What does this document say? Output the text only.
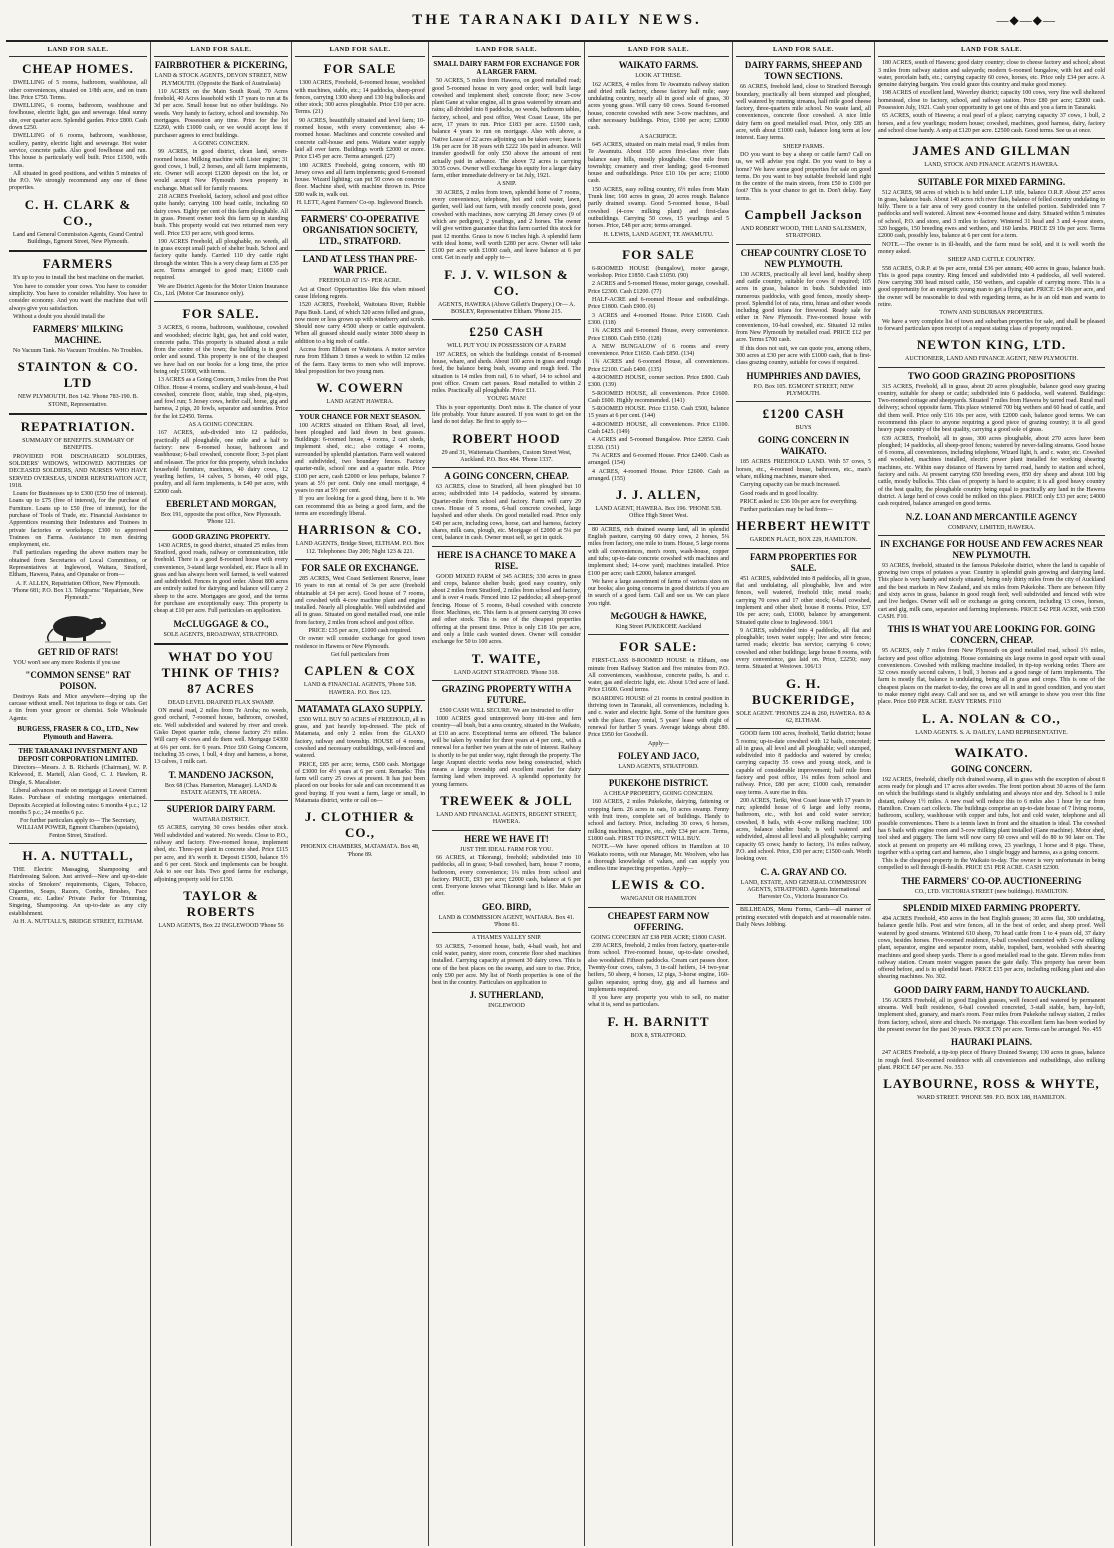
THE TARANAKI DAILY NEWS.	— ◆ — ◆ —
LAND FOR SALE.
CHEAP HOMES.

DWELLING of 5 rooms, bathroom, washhouse, all other conveniences, situated on 1/8th acre, and on tram line. Price £750. Terms.

DWELLING, 6 rooms, bathroom, washhouse and fowlhouse, electric light, gas and sewerage. Ideal sunny site, over quarter acre. Splendid garden. Price £800. Cash down £250.

DWELLING of 6 rooms, bathroom, washhouse, scullery, pantry, electric light and sewerage. Hot water service, concrete paths. Also good fowlhouse and run. This house is particularly well built. Price £1500, with terms.

All situated in good positions, and within 5 minutes of the P.O. We strongly recommend any one of these properties.

C. H. CLARK & CO.,
Land and General Commission Agents, Grand Central Buildings, Egmont Street, New Plymouth.
FARMERS

It's up to you to install the best machine on the market.

You have to consider your cows. You have to consider simplicity. You have to consider reliability. You have to consider economy. And you want the machine that will always give you satisfaction.

Without a doubt you should install the

FARMERS' MILKING MACHINE.

No Vacuum Tank. No Vacuum Troubles. No Troubles.

STAINTON & CO. LTD
NEW PLYMOUTH. Box 142. 'Phone 783-190. B. STONE, Representative.
REPATRIATION.
SUMMARY OF BENEFITS. SUMMARY OF BENEFITS.

PROVIDED FOR DISCHARGED SOLDIERS, SOLDIERS' WIDOWS, WIDOWED MOTHERS OF DECEASED SOLDIERS, AND NURSES WHO HAVE SERVED OVERSEAS, UNDER REPATRIATION ACT, 1918.

Loans for Businesses up to £300 (£50 free of interest). Loans up to £75 (free of interest), for the purchase of Furniture. Loans up to £50 (free of interest), for the purchase of Tools of Trade, etc. Financial Assistance to Apprentices resuming their Indentures and Trainees in private factories or workshops; £300 to approved Trainees on Farms. Assistance to men desiring employment, etc.

Full particulars regarding the above matters may be obtained from Secretaries of Local Committees, or Representatives at Inglewood, Waitara, Stratford, Eltham, Hawera, Patea, and Opunake or from—

A. F. ALLEN, Repatriation Officer, New Plymouth. 'Phone 681; P.O. Box 13. Telegrams: "Repatriate, New Plymouth."
GET RID OF RATS!

YOU won't see any more Rodents if you use

"COMMON SENSE" RAT POISON.

Destroys Rats and Mice anywhere—drying up the carcase without smell. Not injurious to dogs or cats. Get a tin from your grocer or chemist. Sole Wholesale Agents:

BURGESS, FRASER & CO., LTD., New Plymouth and Hawera.
THE TARANAKI INVESTMENT AND DEPOSIT CORPORATION LIMITED.

Directors—Messrs. J. B. Richards (Chairman), W. P. Kirkwood, E. Martell, Alan Good, C. J. Hawken, R. Dingle, S. Macalister.

Liberal advances made on mortgage at Lowest Current Rates. Purchase of existing mortgages entertained. Deposits Accepted at following rates: 6 months 4 p.c.; 12 months 5 p.c.; 24 months 6 p.c.

For further particulars apply to— The Secretary, WILLIAM POWER, Egmont Chambers (upstairs), Fenton Street, Stratford.
H. A. NUTTALL,

THE Electric Massaging, Shampooing and Hairdressing Saloon. Just arrived—New and up-to-date stocks of Smokers' requirements, Cigars, Tobacco, Cigarettes, Soaps, Razors, Combs, Brushes, Face Creams, etc. Ladies' Private Parlor for Trimming, Singeing, Shampooing. An up-to-date as any city establishment.

At H. A. NUTTALL'S, BRIDGE STREET, ELTHAM.
LAND FOR SALE.
FAIRBROTHER & PICKERING,
LAND & STOCK AGENTS, DEVON STREET, NEW PLYMOUTH. (Opposite the Bank of Australasia)

110 ACRES on the Main South Road, 70 Acres freehold, 40 Acres leasehold with 17 years to run at 8s 3d per acre. Small house but no other buildings. No weeds. Very handy to factory, school and township. No mortgages. Possession any time. Price for the lot £2260, with £1000 cash, or we would accept less if purchaser agrees to erect buildings.

A GOING CONCERN.

99 ACRES, in good district, clean land, seven-roomed house. Milking machine with Lister engine; 31 good cows, 1 bull, 2 horses, and all farm implements, etc. Owner will accept £1200 deposit on the lot, or would accept New Plymouth town property in exchange. Must sell for family reasons.

218 ACRES Freehold, factory, school and post office quite handy; carrying 100 head cattle, including 60 dairy cows. Eighty per cent of this farm ploughable. All in grass. Present owner took this farm up in standing bush. This property would cut two returned men very well. Price £33 per acre, with good terms.

190 ACRES Freehold, all ploughable, no weeds, all in grass except small patch of shelter bush. School and factory quite handy. Carried 110 dry cattle right through the winter. This is a very cheap farm at £35 per acre. Terms arranged to good man; £1000 cash required.

We are District Agents for the Motor Union Insurance Co., Ltd. (Motor Car Insurance only).

FOR SALE.

3 ACRES, 6 rooms, bathroom, washhouse, cowshed and woodshed; electric light, gas, hot and cold water, concrete paths. This property is situated about a mile from the centre of the town; the building is in good order and sound. This property is one of the cheapest we have had on our books for a long time, the price being only £1900, with terms.

13 ACRES as a Going Concern, 3 miles from the Post Office. House 4 rooms, scullery and wash-house, 4 bail cowshed, concrete floor, stable, trap shed, pig-styes, and fowl run; 5 Jersey cows, heifer calf, horse, gig and harness, 2 pigs, 20 fowls, separator and sundries. Price for the lot £2450. Terms.

AS A GOING CONCERN.

167 ACRES, sub-divided into 12 paddocks, practically all ploughable, one mile and a half to factory: new 8-roomed house, bathroom and washhouse; 6-bail cowshed, concrete floor; 3-pot plant and releaser. The price for this property, which includes household furniture, machines, 40 dairy cows, 12 yearling heifers, 14 calves, 5 horses, 40 odd pigs, poultry, and all farm implements, is £40 per acre, with £2000 cash.

EBERLET AND MORGAN,
Box 191, opposite the post office, New Plymouth. 'Phone 121.
GOOD GRAZING PROPERTY.

1430 ACRES, in good district, situated 25 miles from Stratford, good roads, railway or communication, title freehold. There is a good 8-roomed house with every convenience, 3-stand large woolshed, etc. Place is all in grass and has always been well farmed, is well watered and subdivided. Fences in good order. About 800 acres are entirely suited for dairying and balance will carry 2 sheep to the acre. Mortgages are good, and the terms for purchase are exceptionally easy. This property is cheap at £10 per acre. Full particulars on application.

McCLUGGAGE & CO.,
SOLE AGENTS, BROADWAY, STRATFORD.
WHAT DO YOU THINK OF THIS? 87 ACRES
DEAD LEVEL DRAINED FLAX SWAMP.

ON metal road, 2 miles from Te Aroha; no weeds, good orchard, 7-roomed house, bathroom, cowshed, etc. Well subdivided and watered by river and creek. Gisko Depot quarter mile, cheese factory 2½ miles. Will carry 40 cows and do them well. Mortgage £4300 at 6¼ per cent. for 6 years. Price £60 Going Concern, including 35 cows, 1 bull, 4 dray and harness, a horse, 13 calves, 1 milk cart.

T. MANDENO JACKSON,
Box 68 (Chas. Hamerton, Manager). LAND & ESTATE AGENTS, TE AROHA.
SUPERIOR DAIRY FARM.
WAITARA DISTRICT.

65 ACRES, carrying 30 cows besides other stock. Well subdivided and watered. No weeds. Close to P.O., railway and factory. Five-roomed house, implement shed, etc. Three-pot plant in concrete shed. Price £115 per acre, and it's worth it. Deposit £1500, balance 5½ and 6 per cent. Stock and implements can be bought. Ask to see our lists. Two good farms for exchange, adjoining property sold for £150.

TAYLOR & ROBERTS
LAND AGENTS, Box 22 INGLEWOOD 'Phone 56
LAND FOR SALE.
FOR SALE

1300 ACRES, Freehold, 6-roomed house, woolshed with machines, stable, etc.; 14 paddocks, sheep-proof fences, carrying 1300 sheep and 130 big bullocks and other stock; 300 acres ploughable. Price £10 per acre. Terms. (21)

90 ACRES, beautifully situated and level farm; 10-roomed house, with every convenience; also 4-roomed house. Machines and concrete cowshed and concrete calf-house and pens. Waitara water supply laid all over farm. Buildings worth £2000 or more. Price £145 per acre. Terms arranged. (27)

180 ACRES Freehold, going concern, with 80 Jersey cows and all farm implements; good 6-roomed house. Wizard lighting; can put 50 cows on concrete floor. Machine shed, with machine thrown in. Price £80 walk in, walk out.

H. LETT, Agent Farmers' Co-op. Inglewood Branch.
FARMERS' CO-OPERATIVE ORGANISATION SOCIETY, LTD., STRATFORD.
LAND AT LESS THAN PRE-WAR PRICE.
FREEHOLD AT 15/- PER ACRE.

Act at Once! Opportunities like this when missed cause lifelong regrets.

1520 ACRES, Freehold, Waitotara River, Rubble Papa Bush. Land, of which 320 acres felled and grass, now more or less grown up with wineberry and scrub. Should now carry 4/500 sheep or cattle equivalent. When all grassed should easily winter 3000 sheep in addition to a big mob of cattle.

Access from Eltham or Waitotara. A motor service runs from Eltham 3 times a week to within 12 miles of the farm. Easy terms to men who will improve. Ideal proposition for two young men.

W. COWERN
LAND AGENT HAWERA.
YOUR CHANCE FOR NEXT SEASON.

100 ACRES situated on Eltham Road, all level, been ploughed and laid down in best grasses. Buildings: 6-roomed house, 4 rooms, 2 cart sheds, implement shed, etc.; also cottage 4 rooms, surrounded by splendid plantation. Farm well watered and subdivided, two boundary fences. Factory quarter-mile, school one and a quarter mile. Price £100 per acre, cash £2000 or less perhaps, balance 7 years at 5½ per cent. Only one small mortgage, 4 years to run at 5½ per cent.

If you are looking for a good thing, here it is. We can recommend this as being a good farm, and the terms are exceedingly liberal.

HARRISON & CO.
LAND AGENTS, Bridge Street, ELTHAM. P.O. Box 112. Telephones: Day 200; Night 123 & 221.
FOR SALE OR EXCHANGE.

285 ACRES, West Coast Settlement Reserve, lease 16 years to run at rental of 3s per acre (freehold obtainable at £4 per acre). Good house of 7 rooms, and cowshed with 4-cow machine plant and engine installed. Nearly all ploughable. Well subdivided and all in grass. Situated on good metalled road, one mile from factory, 2 miles from school and post office.

PRICE: £35 per acre, £1000 cash required.

Or owner will consider exchange for good town residence in Hawera or New Plymouth.

Get full particulars from
CAPLEN & COX
LAND & FINANCIAL AGENTS, 'Phone 518. HAWERA. P.O. Box 123.
MATAMATA GLAXO SUPPLY.

£500 WILL BUY 50 ACRES of FREEHOLD, all in grass, and just heavily top-dressed. The pick of Matamata, and only 2 miles from the GLAXO factory, railway and township. HOUSE of 4 rooms, cowshed and necessary outbuildings, well-fenced and watered.

PRICE, £85 per acre; terms, £500 cash. Mortgage of £3000 for 4½ years at 6 per cent. Remarks: This farm will carry 25 cows at present. It has just been placed on our books for sale and can recommend it as good buying. If you want a farm, large or small, in Matamata district, write or call on—

J. CLOTHIER & CO.,
PHOENIX CHAMBERS, MATAMATA. Box 48, 'Phone 89.
LAND FOR SALE.
SMALL DAIRY FARM FOR EXCHANGE FOR A LARGER FARM.

50 ACRES, 5 miles from Hawera, on good metalled road; good 5-roomed house in very good order; well built large cowshed and implement shed; concrete floor; new 3-cow plant Gane at value engine, all in grass watered by stream and rains; all divided into 8 paddocks, no weeds, bathroom tables, factory, school, and post office, West Coast Lease, 18s per acre, 17 years to run. Price £183 per acre. £1500 cash, balance 4 years to run on mortgage. Also with above, a Native Lease of 22 acres adjoining can be taken over; lease is 19s per acre for 18 years with £222 10s paid in advance. Will transfer goodwill for only £50 above the amount of rent actually paid in advance. The above 72 acres is carrying 30/35 cows. Owner will exchange his equity for a larger dairy farm, either immediate delivery or 1st July, 1921.

A SNIP.

30 ACRES, 2 miles from town, splendid home of 7 rooms, every convenience, telephone, hot and cold water, lawn, garden, well laid out farm, with mostly concrete posts, good cowshed with machines, now carrying 28 Jersey cows (9 of which are pedigree), 2 yearlings, and 2 horses. The owner will give written guarantee that this farm carried this stock for past 12 months. Grass is now 6 inches high. A splendid farm with ideal home, well worth £280 per acre. Owner will take £100 per acre with £1000 cash, and leave balance at 6 per cent. Get in early and apply to—

F. J. V. WILSON & CO.
AGENTS, HAWERA (Above Gillett's Drapery.) Or— A. BOSLEY, Representative Eltham. 'Phone 215.
£250 CASH
WILL PUT YOU IN POSSESSION OF A FARM

197 ACRES, on which the buildings consist of 8-roomed house, whare, and sheds. About 100 acres in grass and rough feed, the balance being bush, swamp and rough feed. The situation is 14 miles from rail, 6 to wharf, 14 to school and post office. Cream cart passes. Road metalled to within 2 miles. Practically all ploughable. Price £11.

YOUNG MAN!

This is your opportunity. Don't miss it. The chance of your life probably. Your future assured. If you want to get on the land do not delay. Be first to apply to—

ROBERT HOOD
29 and 31, Waitemata Chambers, Custom Street West, Auckland. P.O. Box 484. 'Phone 1337.
A GOING CONCERN, CHEAP.

63 ACRES, close to Stratford, all been ploughed but 10 acres; subdivided into 14 paddocks, watered by streams. Quarter-mile from school and factory. Farm will carry 29 cows. House of 5 rooms, 6-bail concrete cowshed, large hayshed and other sheds. On good metalled road. Price only £40 per acre, including cows, horse, cart and harness, factory shares, milk cans, plough, etc. Mortgage of £2000 at 5¼ per cent, balance in cash. Owner must sell, so get in quick.

HERE IS A CHANCE TO MAKE A RISE.

GOOD MIXED FARM of 345 ACRES; 330 acres in grass and crops, balance shelter bush; good easy country, only about 2 miles from Stratford, 2 miles from school and factory, and is over 4 roads. Fenced into 12 paddocks; all sheep-proof fencing. House of 5 rooms, 8-bail cowshed with concrete floor. Machines, etc. This farm is at present carrying 30 cows and other stock. This is one of the cheapest properties offering at the present time. Price is only £18 10s per acre, and only a little cash wanted down. Owner will consider exchange for 50 to 100 acres.

T. WAITE,
LAND AGENT STRATFORD. 'Phone 318.
GRAZING PROPERTY WITH A FUTURE.
£500 CASH WILL SECURE. We are instructed to offer

1000 ACRES good unimproved bony titi-tree and fern country—all bush, but a area country, situated in the Waikato, at £10 an acre. Exceptional terms are offered. The balance will be taken by vendor for three years at 4 per cent., with a renewal for a further two years at the rate of interest. Railway is shortly to be put under way, right through the property. The large Arapuni electric works now being constructed, which means a large township and excellent market for dairy farming land when improved. A splendid opportunity for young farmers.

TREWEEK & JOLL
LAND AND FINANCIAL AGENTS, REGENT STREET, HAWERA.
HERE WE HAVE IT!
JUST THE IDEAL FARM FOR YOU.

66 ACRES, at Tikorangi, freehold; subdivided into 10 paddocks, all in grass; 9-bail cowshed, barn, house 7 rooms, bathroom, every convenience; 1¼ miles from school and factory. PRICE, £93 per acre; £2000 cash, balance at 6 per cent. Everyone knows what Tikorangi land is like. Make an offer.

GEO. BIRD,
LAND & COMMISSION AGENT, WAITARA. Box 41. 'Phone 81.
A THAMES VALLEY SNIP.

93 ACRES, 7-roomed house, bath, 4-bail wash, hot and cold water, pantry, store room, concrete floor shed machines installed. Carrying capacity at present 30 dairy cows. This is one of the best places on the swamp, and sure to rise. Price, only £90 per acre. My list of North properties is one of the best in the country. Particulars on application to

J. SUTHERLAND,
INGLEWOOD
LAND FOR SALE.
WAIKATO FARMS.
LOOK AT THESE.

162 ACRES, 4 miles from Te Awamutu railway station and dried milk factory, cheese factory half mile; easy undulating country, nearly all in good sole of grass, 30 acres young grass. Will carry 60 cows. Sound 6-roomed house, concrete cowshed with new 3-cow machines, and other necessary buildings. Price, £100 per acre; £2000 cash.

A SACRIFICE.

645 ACRES, situated on main metal road, 9 miles from Te Awamutu. About 150 acres first-class river flats balance easy hills, mostly ploughable. One mile from township; creamery and river landing; good 6-roomed house and outbuildings. Price £10 10s per acre; £1000 cash.

150 ACRES, easy rolling country, 6½ miles from Main Trunk line; 160 acres in grass, 20 acres rough. Balance partly drained swamp. Good 5-roomed house, 8-bail cowshed (4-cow milking plant) and first-class outbuildings. Carrying 50 cows, 15 yearlings and 5 horses. Price, £48 per acre; terms arranged.

H. LEWIS, LAND AGENT, TE AWAMUTU.
FOR SALE

6-ROOMED HOUSE (bungalow), motor garage, workshop. Price £1850. Cash £1050. (90)

2 ACRES and 5-roomed House, motor garage, cowshall. Price £2300. Cash £1200. (77)

HALF-ACRE and 6-roomed House and outbuildings. Price £1800. Cash £900. (6)

3 ACRES and 4-roomed House. Price £1600. Cash £300. (118)

1¾ ACRES and 6-roomed House, every convenience. Price £1800. Cash £950. (128)

A NEW BUNGALOW of 6 rooms and every convenience. Price £1650. Cash £850. (134)

1¾ ACRES and 6-roomed House, all conveniences. Price £2100. Cash £400. (135)

4-ROOMED HOUSE, corner section. Price £800. Cash £300. (139)

5-ROOMED HOUSE, all conveniences. Price £1600. Cash £600. Highly recommended. (141)

5-ROOMED HOUSE. Price £1150. Cash £500, balance 15 years at 6 per cent. (144)

4-ROOMED HOUSE, all conveniences. Price £1100. Cash £425. (149)

4 ACRES and 5-roomed Bungalow. Price £2850. Cash £1350. (151)

7¼ ACRES and 6-roomed House. Price £2400. Cash as arranged. (154)

4 ACRES, 4-roomed House. Price £2600. Cash as arranged. (155)

J. J. ALLEN,
LAND AGENT, HAWERA. Box 196. 'PHONE 538. Office High Street West.

80 ACRES, rich drained swamp land, all in splendid English pasture, carrying 60 dairy cows, 2 horses, 5¼ miles from factory, one mile to tram. House, 5 large rooms with all conveniences, men's room, wash-house, copper and tubs; up-to-date concrete cowshed with machines and implement shed; 14-cow yard; machines installed. Price £100 per acre; cash £2000, balance arranged.

We have a large assortment of farms of various sizes on our books; also going concerns in good districts if you are in search of a good farm. Call and see us. We can place you right.

McGOUGH & HAWKE,
King Street PUKEKOHE Auckland
FOR SALE:

FIRST-CLASS 8-ROOMED HOUSE in Eltham, one minute from Railway Station and five minutes from P.O. All conveniences, washhouse, concrete paths, h. and c. water, gas and electric light, etc. About 1/3rd acre of land. Price £1600. Good terms.

BOARDING HOUSE of 21 rooms in central position in thriving town in Taranaki, all conveniences, including h. and c. water and electric light. Some of the furniture goes with the place. Easy rental, 5 years' lease with right of renewal for further 5 years. Average takings about £80. Price £950 for Goodwill.

Apply—
FOLEY AND JACO,
LAND AGENTS, STRATFORD.
PUKEKOHE DISTRICT.
A CHEAP PROPERTY, GOING CONCERN.

160 ACRES, 2 miles Pukekohe, dairying, fattening or cropping farm. 26 acres in oats, 10 acres swamp. Fenny with fruit trees, complete set of buildings. Handy to school and factory. Price, including 30 cows, 6 horses, milking machines, engine, etc., only £34 per acre. Terms, £1800 cash. FIRST TO INSPECT WILL BUY.

NOTE.—We have opened offices in Hamilton at 10 Waikato rooms, with our Manager, Mr. Woolven, who has a thorough knowledge of values, and can supply you endless time inspecting properties. Apply—

LEWIS & CO.
WANGANUI OR HAMILTON
CHEAPEST FARM NOW OFFERING.
GOING CONCERN AT £38 PER ACRE; £1800 CASH.

239 ACRES, freehold, 2 miles from factory, quarter-mile from school. Five-roomed house, up-to-date cowshed, also woodshed. Fifteen paddocks. Cream cart passes door. Twenty-four cows, calves, 3 in-calf heifers, 14 two-year heifers, 50 sheep, 4 horses, 12 pigs, 3-horse engine, 160-gallon separator, spring dray, gig and all harness and implements required.

If you have any property you wish to sell, no matter what it is, send us particulars.

F. H. BARNITT
BOX 8, STRATFORD.
LAND FOR SALE.
DAIRY FARMS, SHEEP AND TOWN SECTIONS.

66 ACRES, freehold land, close to Stratford Borough boundary, practically all been stumped and ploughed, well watered by running streams, half mile good cheese factory, three-quarters mile school. No waste land, all conveniences, concrete floor cowshed. A nice little dairy farm on good metalled road. Price, only £85 an acre, with about £1000 cash, balance long term at low interest. Easy terms.

SHEEP FARMS.

DO you want to buy a sheep or cattle farm? Call on us, we will advise you right. Do you want to buy a home? We have some good properties for sale on good terms. Do you want to buy suitable freehold land right in the centre of the main streets, from £50 to £100 per foot? This is your chance to get in. Don't delay. Easy terms.

Campbell Jackson
AND ROBERT WOOD, THE LAND SALESMEN, STRATFORD.
CHEAP COUNTRY CLOSE TO NEW PLYMOUTH.

130 ACRES, practically all level land, healthy sheep and cattle country, suitable for cows if required; 105 acres in grass, balance in bush. Subdivided into numerous paddocks, with good fences, mostly sheep-proof. Splendid lot of rata, rimu, hinau and other woods including good totara for firewood. Ready sale for either in New Plymouth. Five-roomed house with conveniences, 10-bail cowshed, etc. Situated 12 miles from New Plymouth by metalled road. PRICE £12 per acre. Terms £700 cash.

If this does not suit, we can quote you, among others, 300 acres at £30 per acre with £1000 cash, that is first-class grazing country, suitable for cows if required.

HUMPHRIES AND DAVIES,
P.O. Box 105. EGMONT STREET, NEW PLYMOUTH.
£1200 CASH
BUYS
GOING CONCERN IN WAIKATO.

185 ACRES FREEHOLD LAND. With 57 cows, 5 horses, etc., 4-roomed house, bathroom, etc., man's whare, milking machines, manure shed.

Carrying capacity can be much increased.

Good roads and in good locality.

PRICE asked is: £36 10s per acre for everything.

Further particulars may be had from—

HERBERT HEWITT
GARDEN PLACE, BOX 229, HAMILTON.
FARM PROPERTIES FOR SALE.

451 ACRES, subdivided into 8 paddocks, all in grass, flat and undulating, all ploughable, live and wire fences, well watered, freehold title; metal roads; carrying 70 cows and 17 other stock; 6-bail cowshed, implement and other shed; house 8 rooms. Price, £37 10s per acre; cash, £1000, balance by arrangement. Situated quite close to Inglewood. 106/1

9 ACRES, subdivided into 4 paddocks, all flat and ploughable; town water supply; live and wire fences; tarred roads; electric bus service; carrying 6 cows; cowshed and other buildings; large house 8 rooms, with every convenience, gas laid on. Price, £2250; easy terms. Situated at Westown. 106/13

G. H. BUCKERIDGE,
SOLE AGENT. 'PHONES 224 & 260, HAWERA. 83 & 62, ELTHAM.

GOOD farm 100 acres, freehold, Tariki district; house 5 rooms; up-to-date cowshed with 12 bails, concreted; all in grass, all level and all ploughable; well stumped, subdivided into 8 paddocks and watered by creeks; carrying capacity 35 cows and young stock, and is capable of considerable improvement; half mile from factory and post office, 1¼ miles from school and railway. Price, £80 per acre; £1000 cash, remainder easy terms. A sure rise in this.

200 ACRES, Tariki, West Coast lease with 17 years to run; splendid house of 6 large and lofty rooms, bathroom, etc., with hot and cold water service; cowshed, 8 bails, with 4-cow milking machine; 100 acres, balance shelter bush; is well watered and subdivided, almost all level and all ploughable; carrying capacity 65 cows; handy to factory, 1¼ miles railway, P.O. and school. Price, £30 per acre; £1500 cash. Worth looking over.

C. A. GRAY AND CO.
LAND, ESTATE, AND GENERAL COMMISSION AGENTS, STRATFORD. Agents International Harvester Co., Victoria Insurance Co.

BILLHEADS, Menu Forms, Cards—all manner of printing executed with despatch and at reasonable rates. Daily News Jobbing.

LAND FOR SALE.

180 ACRES, south of Hawera; good dairy country; close to cheese factory and school; about 3 miles from railway station and saleyards; modern 6-roomed bungalow, with hot and cold water, porcelain bath, etc.; carrying capacity 60 cows, horses, etc. Price only £34 per acre. A genuine dairying bargain. You could graze this country and make good money.

198 ACRES of excellent land, Waverley district; capacity 100 cows, very fine well sheltered homestead, close to factory, school, and railway station. Price £80 per acre; £2000 cash. Possession July, 1921. Cash your opportunity to get one of this and you a farm in Taranaki.

65 ACRES, south of Hawera; a real pearl of a place; carrying capacity 37 cows, 1 bull, 2 horses, and a few yearlings; modern house; cowshed, machines, good harness, dairy, factory and school close handy. A snip at £120 per acre. £2500 cash. Good terms. See us at once.

JAMES AND GILLMAN
LAND, STOCK AND FINANCE AGENTS HAWERA.
SUITABLE FOR MIXED FARMING.

512 ACRES, 98 acres of which is is held under L.I.P. title, balance O.R.P. About 257 acres in grass, balance bush. About 140 acres rich river flats, balance of felled country undulating to hilly. There is a fair area of very good country in the unfelled portion. Subdivided into 7 paddocks and well watered. Almost new 4-roomed house and dairy. Situated within 5 minutes of school, P.O. and store, and 3 miles to factory. Wintered 31 head and 3 and 4-year steers, 320 hoggets, 150 breeding ewes and wethers, and 160 lambs. PRICE £9 10s per acre. Terms £2000 cash, possibly less, balance at 6 per cent for a term.

NOTE.—The owner is in ill-health, and the farm must be sold, and it is well worth the money asked.

SHEEP AND CATTLE COUNTRY.

558 ACRES, O.R.P. at 9s per acre, rental £36 per annum; 400 acres in grass, balance bush. This is good papa country. Ring fenced and subdivided into 4 paddocks, all well watered. Now carrying 300 head mixed cattle, 150 wethers, and capable of carrying more. This is a good opportunity for an energetic young man to get a flying start. PRICE: £4 10s per acre, and the owner will be reasonable to deal with regarding terms, as he is an old man and wants to retire.

TOWN AND SUBURBAN PROPERTIES.

We have a very complete list of town and suburban properties for sale, and shall be pleased to forward particulars upon receipt of a request stating class of property required.

NEWTON KING, LTD.
AUCTIONEER, LAND AND FINANCE AGENT, NEW PLYMOUTH.
TWO GOOD GRAZING PROPOSITIONS

315 ACRES, Freehold, all in grass, about 20 acres ploughable, balance good easy grazing country, suitable for sheep or cattle; subdivided into 6 paddocks, well watered. Buildings: Two-roomed cottage and sheepyards. Situated 7 miles from Hawera by tarred road. Rural mail delivery; school opposite farm. This place wintered 700 big wethers and 60 head of cattle, and did them well. Price only £16 10s per acre, with £2000 cash, balance good terms. We can recommend this place to anyone requiring a good piece of grazing country; it is all good heavy papa country of the best quality, carrying a good sole of grass.

639 ACRES, Freehold, all in grass, 300 acres ploughable, about 270 acres have been ploughed; 14 paddocks, all sheep-proof fences; watered by never-failing streams. Good house of 6 rooms, all conveniences, including telephone, Wizard light, h. and c. water, etc. Cowshed and woolshed, machines installed, electric power plant installed for working shearing machines, etc. Within easy distance of Hawera by tarred road, handy to station and school, factory and rails. At present carrying 650 breeding ewes, 850 dry sheep and about 100 big cattle, mostly bullocks. This class of property is hard to acquire; it is all good heavy country of the best quality, the ploughable country being equal to practically any land in the Hawera district. A large herd of cows could be milked on this place. PRICE only £33 per acre; £4000 cash required, balance arranged on good terms.

N.Z. LOAN AND MERCANTILE AGENCY
COMPANY, LIMITED, HAWERA.
IN EXCHANGE FOR HOUSE AND FEW ACRES NEAR NEW PLYMOUTH.

93 ACRES, freehold, situated in the famous Pukekohe district, where the land is capable of growing two crops of potatoes a year. Country is splendid grain growing and dairying land. This place is very handy and nicely situated, being only thirty miles from the city of Auckland and the best markets in New Zealand, and six miles from Pukekohe. There are between fifty and sixty acres in grass, balance in good rough feed; well subdivided and fenced with wire and live hedges. Owner will sell or exchange as going concern, including 13 cows, horses, cart and gig, milk cans, separator and farming implements. PRICE £42 PER ACRE, with £500 CASH. F10.

THIS IS WHAT YOU ARE LOOKING FOR. GOING CONCERN, CHEAP.

95 ACRES, only 7 miles from New Plymouth on good metalled road, school 1½ miles, factory and post office adjoining. House containing six large rooms in good repair with usual conveniences. Cowshed with milking machine installed, in tip-top working order. There are 32 cows mostly second calvers, 1 bull, 3 horses and a good range of farm implements. The farm is mostly flat, balance is undulating, being all in grass and crops. This is one of the cheapest places on the market to-day, the cows are all in and in good condition, and you start to make money right away. Call and see us, and we will arrange to show you over this fine place. Price £60 PER ACRE. EASY TERMS. F110

L. A. NOLAN & CO.,
LAND AGENTS. S. A. DAILEY, LAND REPRESENTATIVE.
WAIKATO.
GOING CONCERN.

192 ACRES, freehold, chiefly rich drained swamp, all in grass with the exception of about 8 acres ready for plough and 17 acres after swedes. The front portion about 30 acres of the farm on which the buildings stand is slightly undulating and always nice and dry. School is 1 mile distant, railway 1½ miles. A new road will reduce this to 6 miles also 1 hour by car from Hamilton. Cream cart collects. The buildings comprise an up-to-date house of 7 living rooms, bathroom, scullery, washhouse with copper and tubs, hot and cold water, telephone and all possible conveniences. There is a tennis lawn in front and the situation is ideal. The cowshed has 6 bails with engine room and 3-cow milking plant installed (Gane machine). Motor shed, tool shed and piggery. The farm will now carry 60 cows and will do 80 to 90 later on. The stock at present on property are 46 milking cows, 23 yearlings, 1 horse and 8 pigs. These, together with a spring cart and harness, also 1 single buggy and harness, as a going concern.

This is the cheapest property in the Waikato to-day. The owner is very unfortunate in being compelled to sell through ill-health. PRICE £51 PER ACRE. CASH £2300.

THE FARMERS' CO-OP. AUCTIONEERING
CO., LTD. VICTORIA STREET (new buildings). HAMILTON.
SPLENDID MIXED FARMING PROPERTY.

494 ACRES Freehold, 450 acres in the best English grasses; 30 acres flat, 300 undulating, balance gentle hills. Post and wire fences, all in the best of order, and sheep proof. Well watered by good streams. Wintered 610 sheep, 70 head cattle from 1 to 4 years old, 37 dairy cows, besides horses. Five-roomed residence, 6-bail cowshed concreted with 3-cow milking plant, separator, engine and separator room, stable, trapshed, barn, woolshed with shearing machines and good sheep yards. There is a good metalled road to the gate. Eleven miles from railway station. Cream motor waggon passes the gate daily. This property has never been offered before, and is in splendid heart. PRICE £15 per acre, including milking plant and also shearing machines. No. 302.

GOOD DAIRY FARM, HANDY TO AUCKLAND.

156 ACRES Freehold, all in good English grasses, well fenced and watered by permanent streams. Well built residence, 6-bail cowshed concreted, 3-stall stable, barn, hay-loft, implement shed, granary, and man's room. Four miles from Pukekohe railway station, 2 miles from factory, school, store and church. No mortgage. This excellent farm has been worked by the present owner for the past 30 years. PRICE £70 per acre. Terms can be arranged. No. 455

HAURAKI PLAINS.

247 ACRES Freehold, a tip-top piece of Heavy Drained Swamp; 130 acres in grass, balance in rough feed. Six-roomed residence with all conveniences and outbuildings, also milking plant. PRICE £47 per acre. No. 353

LAYBOURNE, ROSS & WHYTE,
WARD STREET. 'PHONE 589. P.O. BOX 188, HAMILTON.
